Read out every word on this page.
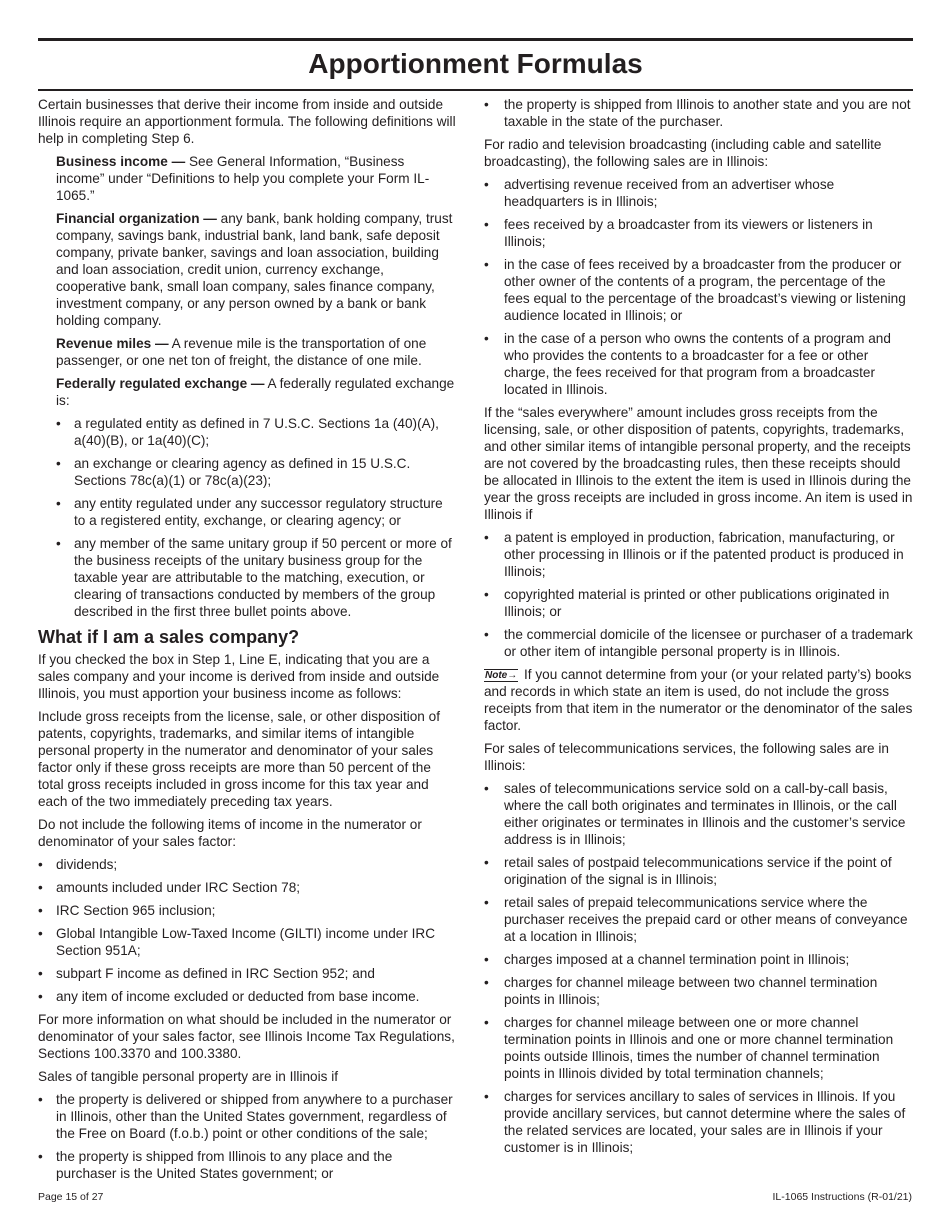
Apportionment Formulas

Certain businesses that derive their income from inside and outside Illinois require an apportionment formula. The following definitions will help in completing Step 6.

Business income — See General Information, “Business income” under “Definitions to help you complete your Form IL-1065.”

Financial organization — any bank, bank holding company, trust company, savings bank, industrial bank, land bank, safe deposit company, private banker, savings and loan association, building and loan association, credit union, currency exchange, cooperative bank, small loan company, sales finance company, investment company, or any person owned by a bank or bank holding company.

Revenue miles — A revenue mile is the transportation of one passenger, or one net ton of freight, the distance of one mile.

Federally regulated exchange — A federally regulated exchange is:

• a regulated entity as defined in 7 U.S.C. Sections 1a (40)(A), a(40)(B), or 1a(40)(C);
• an exchange or clearing agency as defined in 15 U.S.C. Sections 78c(a)(1) or 78c(a)(23);
• any entity regulated under any successor regulatory structure to a registered entity, exchange, or clearing agency; or
• any member of the same unitary group if 50 percent or more of the business receipts of the unitary business group for the taxable year are attributable to the matching, execution, or clearing of transactions conducted by members of the group described in the first three bullet points above.
What if I am a sales company?

If you checked the box in Step 1, Line E, indicating that you are a sales company and your income is derived from inside and outside Illinois, you must apportion your business income as follows:

Include gross receipts from the license, sale, or other disposition of patents, copyrights, trademarks, and similar items of intangible personal property in the numerator and denominator of your sales factor only if these gross receipts are more than 50 percent of the total gross receipts included in gross income for this tax year and each of the two immediately preceding tax years.

Do not include the following items of income in the numerator or denominator of your sales factor:

• dividends;
• amounts included under IRC Section 78;
• IRC Section 965 inclusion;
• Global Intangible Low-Taxed Income (GILTI) income under IRC Section 951A;
• subpart F income as defined in IRC Section 952; and
• any item of income excluded or deducted from base income.

For more information on what should be included in the numerator or denominator of your sales factor, see Illinois Income Tax Regulations, Sections 100.3370 and 100.3380.

Sales of tangible personal property are in Illinois if

• the property is delivered or shipped from anywhere to a purchaser in Illinois, other than the United States government, regardless of the Free on Board (f.o.b.) point or other conditions of the sale;
• the property is shipped from Illinois to any place and the purchaser is the United States government; or
• the property is shipped from Illinois to another state and you are not taxable in the state of the purchaser.

For radio and television broadcasting (including cable and satellite broadcasting), the following sales are in Illinois:

• advertising revenue received from an advertiser whose headquarters is in Illinois;
• fees received by a broadcaster from its viewers or listeners in Illinois;
• in the case of fees received by a broadcaster from the producer or other owner of the contents of a program, the percentage of the fees equal to the percentage of the broadcast’s viewing or listening audience located in Illinois; or
• in the case of a person who owns the contents of a program and who provides the contents to a broadcaster for a fee or other charge, the fees received for that program from a broadcaster located in Illinois.

If the “sales everywhere” amount includes gross receipts from the licensing, sale, or other disposition of patents, copyrights, trademarks, and other similar items of intangible personal property, and the receipts are not covered by the broadcasting rules, then these receipts should be allocated in Illinois to the extent the item is used in Illinois during the year the gross receipts are included in gross income. An item is used in Illinois if

• a patent is employed in production, fabrication, manufacturing, or other processing in Illinois or if the patented product is produced in Illinois;
• copyrighted material is printed or other publications originated in Illinois; or
• the commercial domicile of the licensee or purchaser of a trademark or other item of intangible personal property is in Illinois.

Note→ If you cannot determine from your (or your related party’s) books and records in which state an item is used, do not include the gross receipts from that item in the numerator or the denominator of the sales factor.

For sales of telecommunications services, the following sales are in Illinois:

• sales of telecommunications service sold on a call-by-call basis, where the call both originates and terminates in Illinois, or the call either originates or terminates in Illinois and the customer’s service address is in Illinois;
• retail sales of postpaid telecommunications service if the point of origination of the signal is in Illinois;
• retail sales of prepaid telecommunications service where the purchaser receives the prepaid card or other means of conveyance at a location in Illinois;
• charges imposed at a channel termination point in Illinois;
• charges for channel mileage between two channel termination points in Illinois;
• charges for channel mileage between one or more channel termination points in Illinois and one or more channel termination points outside Illinois, times the number of channel termination points in Illinois divided by total termination channels;
• charges for services ancillary to sales of services in Illinois. If you provide ancillary services, but cannot determine where the sales of the related services are located, your sales are in Illinois if your customer is in Illinois;
Page 15 of 27	IL-1065 Instructions (R-01/21)
